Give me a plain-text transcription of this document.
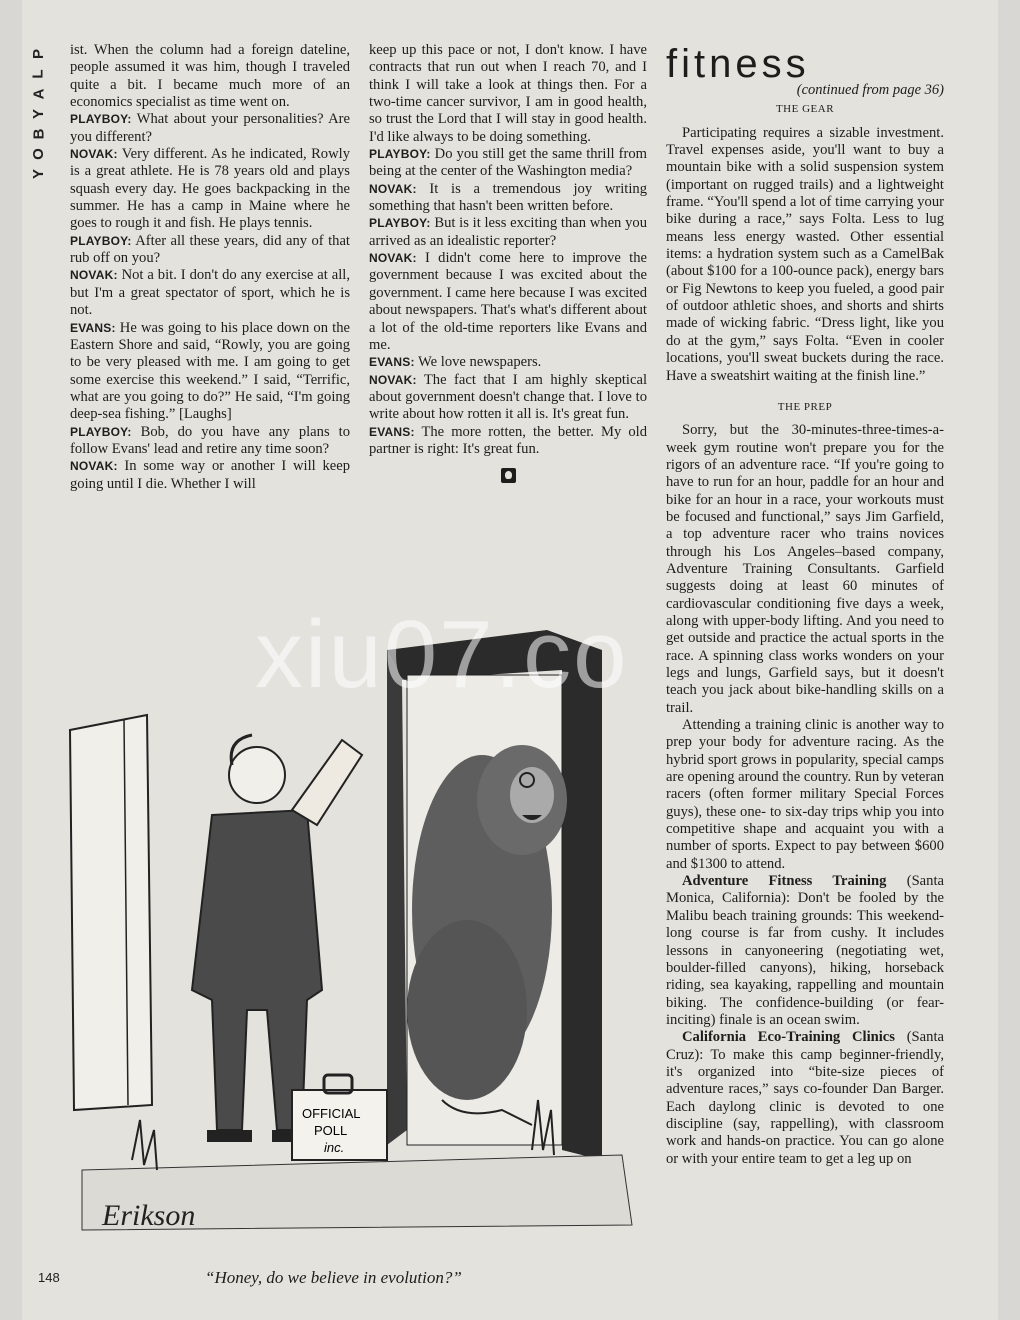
P
L
A
Y
B
O
Y

ist. When the column had a foreign dateline, people assumed it was him, though I traveled quite a bit. I became much more of an economics specialist as time went on.

PLAYBOY: What about your personalities? Are you different?

NOVAK: Very different. As he indicated, Rowly is a great athlete. He is 78 years old and plays squash every day. He goes backpacking in the summer. He has a camp in Maine where he goes to rough it and fish. He plays tennis.

PLAYBOY: After all these years, did any of that rub off on you?

NOVAK: Not a bit. I don't do any exercise at all, but I'm a great spectator of sport, which he is not.

EVANS: He was going to his place down on the Eastern Shore and said, “Rowly, you are going to be very pleased with me. I am going to get some exercise this weekend.” I said, “Terrific, what are you going to do?” He said, “I'm going deep-sea fishing.” [Laughs]

PLAYBOY: Bob, do you have any plans to follow Evans' lead and retire any time soon?

NOVAK: In some way or another I will keep going until I die. Whether I will

keep up this pace or not, I don't know. I have contracts that run out when I reach 70, and I think I will take a look at things then. For a two-time cancer survivor, I am in good health, so trust the Lord that I will stay in good health. I'd like always to be doing something.

PLAYBOY: Do you still get the same thrill from being at the center of the Washington media?

NOVAK: It is a tremendous joy writing something that hasn't been written before.

PLAYBOY: But is it less exciting than when you arrived as an idealistic reporter?

NOVAK: I didn't come here to improve the government because I was excited about the government. I came here because I was excited about newspapers. That's what's different about a lot of the old-time reporters like Evans and me.

EVANS: We love newspapers.

NOVAK: The fact that I am highly skeptical about government doesn't change that. I love to write about how rotten it all is. It's great fun.

EVANS: The more rotten, the better. My old partner is right: It's great fun.

fitness
(continued from page 36)
THE GEAR

Participating requires a sizable investment. Travel expenses aside, you'll want to buy a mountain bike with a solid suspension system (important on rugged trails) and a lightweight frame. “You'll spend a lot of time carrying your bike during a race,” says Folta. Less to lug means less energy wasted. Other essential items: a hydration system such as a CamelBak (about $100 for a 100-ounce pack), energy bars or Fig Newtons to keep you fueled, a good pair of outdoor athletic shoes, and shorts and shirts made of wicking fabric. “Dress light, like you do at the gym,” says Folta. “Even in cooler locations, you'll sweat buckets during the race. Have a sweatshirt waiting at the finish line.”

THE PREP

Sorry, but the 30-minutes-three-times-a-week gym routine won't prepare you for the rigors of an adventure race. “If you're going to have to run for an hour, paddle for an hour and bike for an hour in a race, your workouts must be focused and functional,” says Jim Garfield, a top adventure racer who trains novices through his Los Angeles–based company, Adventure Training Consultants. Garfield suggests doing at least 60 minutes of cardiovascular conditioning five days a week, along with upper-body lifting. And you need to get outside and practice the actual sports in the race. A spinning class works wonders on your legs and lungs, Garfield says, but it doesn't teach you jack about bike-handling skills on a trail.

Attending a training clinic is another way to prep your body for adventure racing. As the hybrid sport grows in popularity, special camps are opening around the country. Run by veteran racers (often former military Special Forces guys), these one- to six-day trips whip you into competitive shape and acquaint you with a number of sports. Expect to pay between $600 and $1300 to attend.

Adventure Fitness Training (Santa Monica, California): Don't be fooled by the Malibu beach training grounds: This weekend-long course is far from cushy. It includes lessons in canyoneering (negotiating wet, boulder-filled canyons), hiking, horseback riding, sea kayaking, rappelling and mountain biking. The confidence-building (or fear-inciting) finale is an ocean swim.

California Eco-Training Clinics (Santa Cruz): To make this camp beginner-friendly, it's organized into “bite-size pieces of adventure races,” says co-founder Dan Barger. Each daylong clinic is devoted to one discipline (say, rappelling), with classroom work and hands-on practice. You can go alone or with your entire team to get a leg up on

OFFICIAL
POLL
inc.
Erikson
xiu07.co
148	“Honey, do we believe in evolution?”
